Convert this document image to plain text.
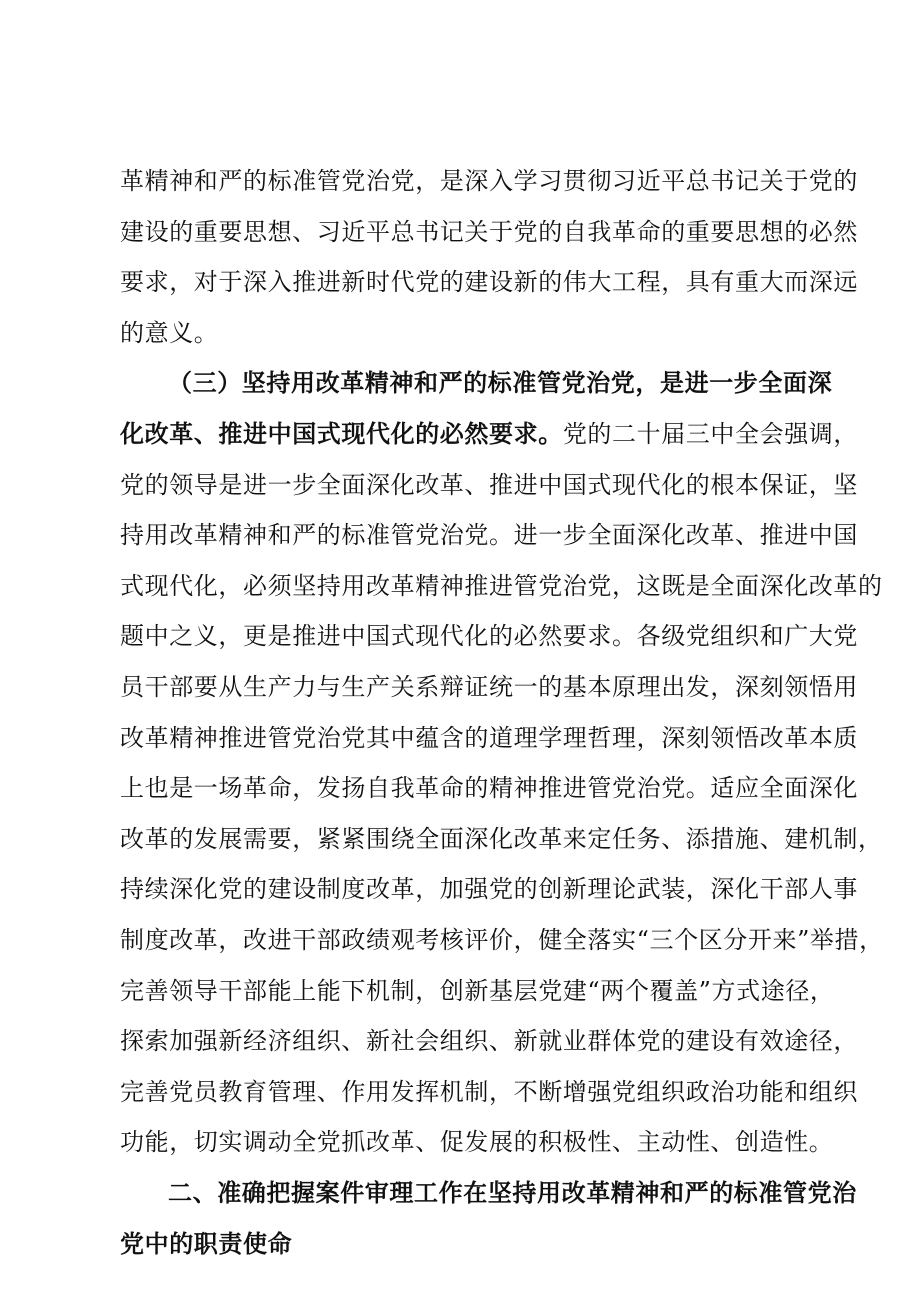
革精神和严的标准管党治党，是深入学习贯彻习近平总书记关于党的
建设的重要思想、习近平总书记关于党的自我革命的重要思想的必然
要求，对于深入推进新时代党的建设新的伟大工程，具有重大而深远
的意义。
（三）坚持用改革精神和严的标准管党治党，是进一步全面深
化改革、推进中国式现代化的必然要求。党的二十届三中全会强调，
党的领导是进一步全面深化改革、推进中国式现代化的根本保证，坚
持用改革精神和严的标准管党治党。进一步全面深化改革、推进中国
式现代化，必须坚持用改革精神推进管党治党，这既是全面深化改革的
题中之义，更是推进中国式现代化的必然要求。各级党组织和广大党
员干部要从生产力与生产关系辩证统一的基本原理出发，深刻领悟用
改革精神推进管党治党其中蕴含的道理学理哲理，深刻领悟改革本质
上也是一场革命，发扬自我革命的精神推进管党治党。适应全面深化
改革的发展需要，紧紧围绕全面深化改革来定任务、添措施、建机制，
持续深化党的建设制度改革，加强党的创新理论武装，深化干部人事
制度改革，改进干部政绩观考核评价，健全落实“三个区分开来”举措，
完善领导干部能上能下机制，创新基层党建“两个覆盖”方式途径，
探索加强新经济组织、新社会组织、新就业群体党的建设有效途径，
完善党员教育管理、作用发挥机制，不断增强党组织政治功能和组织
功能，切实调动全党抓改革、促发展的积极性、主动性、创造性。
二、准确把握案件审理工作在坚持用改革精神和严的标准管党治
党中的职责使命
